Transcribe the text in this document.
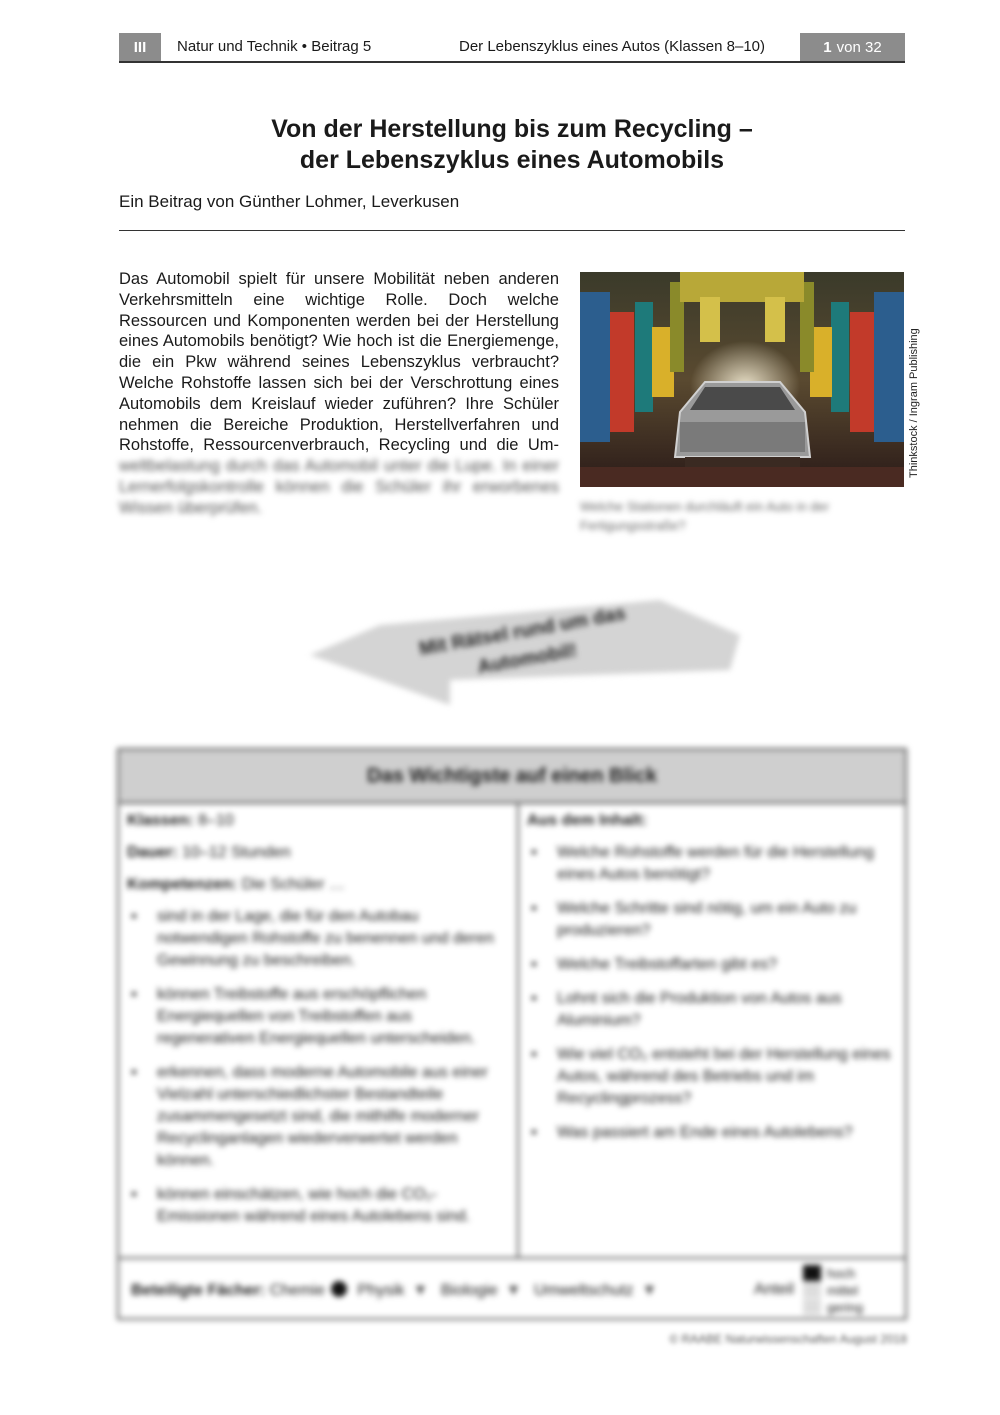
III	Natur und Technik • Beitrag 5	Der Lebenszyklus eines Autos (Klassen 8–10)	1 von 32
Von der Herstellung bis zum Recycling –
der Lebenszyklus eines Automobils
Ein Beitrag von Günther Lohmer, Leverkusen
Das Automobil spielt für unsere Mobilität neben anderen Verkehrsmitteln eine wichtige Rolle. Doch welche Ressourcen und Komponenten werden bei der Herstellung eines Automobils benötigt? Wie hoch ist die Energiemenge, die ein Pkw während seines Lebenszyklus verbraucht? Welche Rohstoffe lassen sich bei der Verschrottung eines Automobils dem Kreislauf wieder zuführen? Ihre Schüler nehmen die Bereiche Produktion, Herstellverfahren und Rohstoffe, Ressourcenverbrauch, Recycling und die Um- weltbelastung durch das Automobil unter die Lupe. In einer Lernerfolgskontrolle können die Schüler ihr erworbenes Wissen überprüfen.
Thinkstock / Ingram Publishing
Welche Stationen durchläuft ein Auto in der Fertigungsstraße?
Mit Rätsel rund um das Automobil!
Das Wichtigste auf einen Blick

Klassen: 8–10

Dauer: 10–12 Stunden

Kompetenzen: Die Schüler …

▪ sind in der Lage, die für den Autobau notwendigen Rohstoffe zu benennen und deren Gewinnung zu beschreiben.
▪ können Treibstoffe aus erschöpflichen Energiequellen von Treibstoffen aus regenerativen Energiequellen unterscheiden.
▪ erkennen, dass moderne Automobile aus einer Vielzahl unterschiedlichster Bestandteile zusammengesetzt sind, die mithilfe moderner Recyclinganlagen wiederverwertet werden können.
▪ können einschätzen, wie hoch die CO₂-Emissionen während eines Autolebens sind.

Aus dem Inhalt:

▪ Welche Rohstoffe werden für die Herstellung eines Autos benötigt?
▪ Welche Schritte sind nötig, um ein Auto zu produzieren?
▪ Welche Treibstoffarten gibt es?
▪ Lohnt sich die Produktion von Autos aus Aluminium?
▪ Wie viel CO₂ entsteht bei der Herstellung eines Autos, während des Betriebs und im Recyclingprozess?
▪ Was passiert am Ende eines Autolebens?
Beteiligte Fächer: Chemie Physik ▼ Biologie ▼ Umweltschutz ▼	Anteil
hoch
mittel
gering
© RAABE Naturwissenschaften August 2018
